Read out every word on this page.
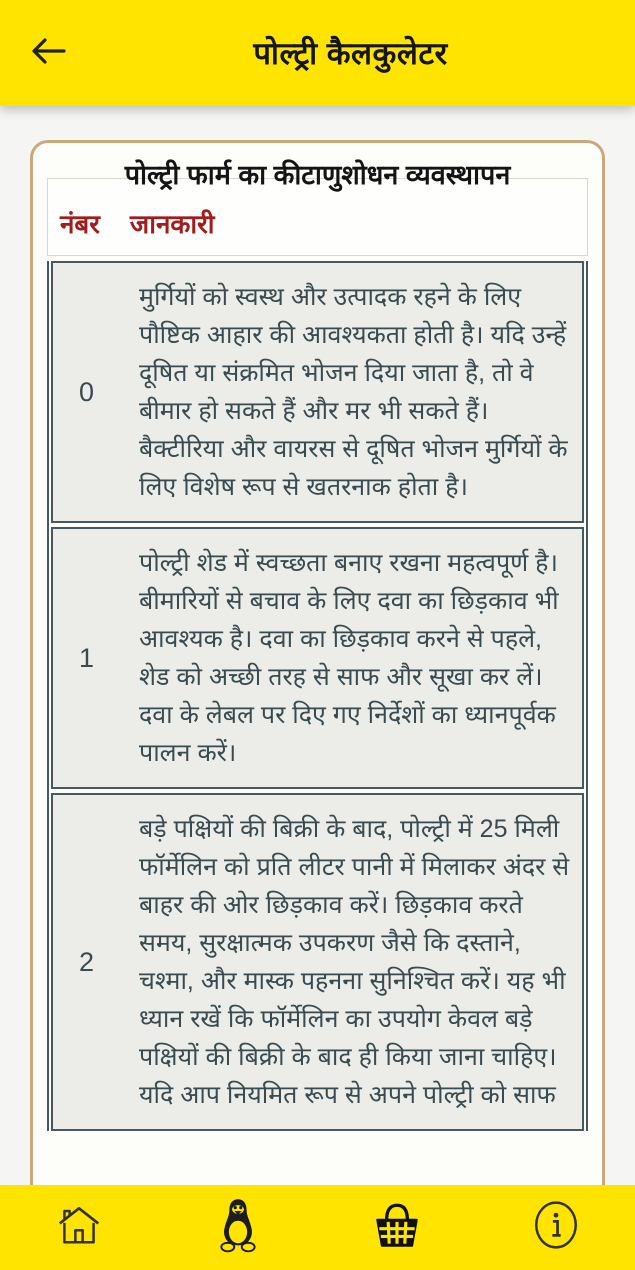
पोल्ट्री कैलकुलेटर
पोल्ट्री फार्म का कीटाणुशोधन व्यवस्थापन
नंबर जानकारी
0
मुर्गियों को स्वस्थ और उत्पादक रहने के लिए पौष्टिक आहार की आवश्यकता होती है। यदि उन्हें दूषित या संक्रमित भोजन दिया जाता है, तो वे बीमार हो सकते हैं और मर भी सकते हैं। बैक्टीरिया और वायरस से दूषित भोजन मुर्गियों के लिए विशेष रूप से खतरनाक होता है।
1
पोल्ट्री शेड में स्वच्छता बनाए रखना महत्वपूर्ण है। बीमारियों से बचाव के लिए दवा का छिड़काव भी आवश्यक है। दवा का छिड़काव करने से पहले, शेड को अच्छी तरह से साफ और सूखा कर लें। दवा के लेबल पर दिए गए निर्देशों का ध्यानपूर्वक पालन करें।
2
बड़े पक्षियों की बिक्री के बाद, पोल्ट्री में 25 मिली फॉर्मेलिन को प्रति लीटर पानी में मिलाकर अंदर से बाहर की ओर छिड़काव करें। छिड़काव करते समय, सुरक्षात्मक उपकरण जैसे कि दस्ताने, चश्मा, और मास्क पहनना सुनिश्चित करें। यह भी ध्यान रखें कि फॉर्मेलिन का उपयोग केवल बड़े पक्षियों की बिक्री के बाद ही किया जाना चाहिए। यदि आप नियमित रूप से अपने पोल्ट्री को साफ
